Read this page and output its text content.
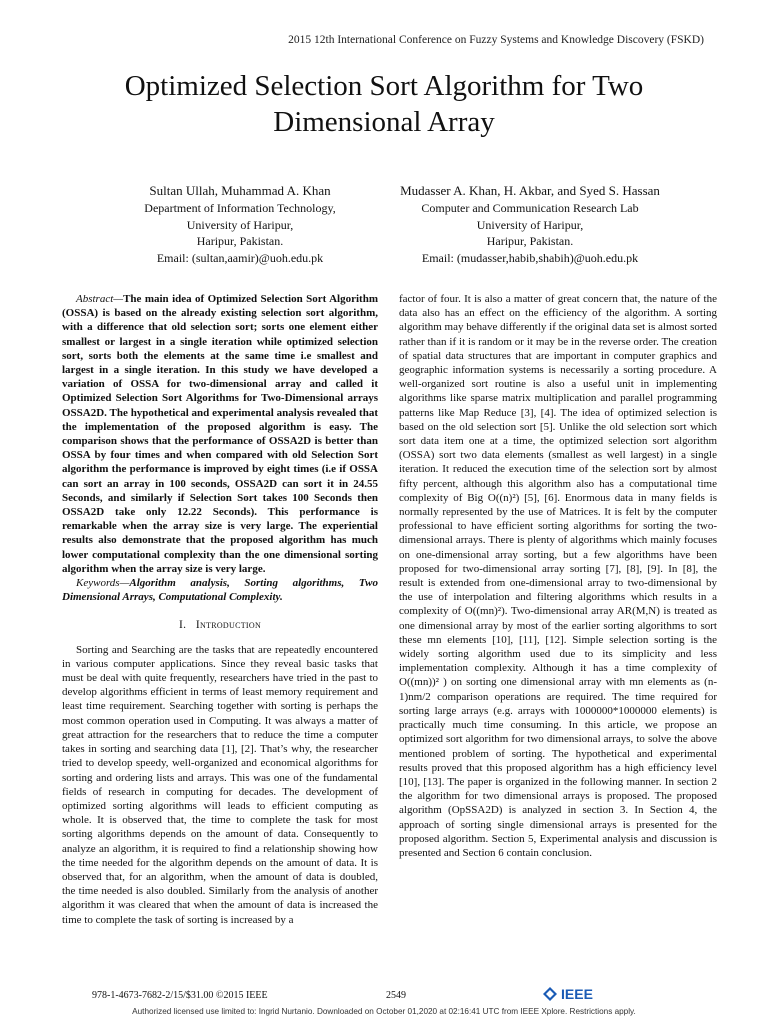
2015 12th International Conference on Fuzzy Systems and Knowledge Discovery (FSKD)
Optimized Selection Sort Algorithm for Two
Dimensional Array
Sultan Ullah, Muhammad A. Khan
Department of Information Technology,
University of Haripur,
Haripur, Pakistan.
Email: (sultan,aamir)@uoh.edu.pk
Mudasser A. Khan, H. Akbar, and Syed S. Hassan
Computer and Communication Research Lab
University of Haripur,
Haripur, Pakistan.
Email: (mudasser,habib,shabih)@uoh.edu.pk

Abstract—The main idea of Optimized Selection Sort Algorithm (OSSA) is based on the already existing selection sort algorithm, with a difference that old selection sort; sorts one element either smallest or largest in a single iteration while optimized selection sort, sorts both the elements at the same time i.e smallest and largest in a single iteration. In this study we have developed a variation of OSSA for two-dimensional array and called it Optimized Selection Sort Algorithms for Two-Dimensional arrays OSSA2D. The hypothetical and experimental analysis revealed that the implementation of the proposed algorithm is easy. The comparison shows that the performance of OSSA2D is better than OSSA by four times and when compared with old Selection Sort algorithm the performance is improved by eight times (i.e if OSSA can sort an array in 100 seconds, OSSA2D can sort it in 24.55 Seconds, and similarly if Selection Sort takes 100 Seconds then OSSA2D take only 12.22 Seconds). This performance is remarkable when the array size is very large. The experiential results also demonstrate that the proposed algorithm has much lower computational complexity than the one dimensional sorting algorithm when the array size is very large.

Keywords—Algorithm analysis, Sorting algorithms, Two Dimensional Arrays, Computational Complexity.

I. Introduction

Sorting and Searching are the tasks that are repeatedly encountered in various computer applications. Since they reveal basic tasks that must be deal with quite frequently, researchers have tried in the past to develop algorithms efficient in terms of least memory requirement and least time requirement. Searching together with sorting is perhaps the most common operation used in Computing. It was always a matter of great attraction for the researchers that to reduce the time a computer takes in sorting and searching data [1], [2]. That’s why, the researcher tried to develop speedy, well-organized and economical algorithms for sorting and ordering lists and arrays. This was one of the fundamental fields of research in computing for decades. The development of optimized sorting algorithms will leads to efficient computing as whole. It is observed that, the time to complete the task for most sorting algorithms depends on the amount of data. Consequently to analyze an algorithm, it is required to find a relationship showing how the time needed for the algorithm depends on the amount of data. It is observed that, for an algorithm, when the amount of data is doubled, the time needed is also doubled. Similarly from the analysis of another algorithm it was cleared that when the amount of data is increased the time to complete the task of sorting is increased by a

factor of four. It is also a matter of great concern that, the nature of the data also has an effect on the efficiency of the algorithm. A sorting algorithm may behave differently if the original data set is almost sorted rather than if it is random or it may be in the reverse order. The creation of spatial data structures that are important in computer graphics and geographic information systems is necessarily a sorting procedure. A well-organized sort routine is also a useful unit in implementing algorithms like sparse matrix multiplication and parallel programming patterns like Map Reduce [3], [4]. The idea of optimized selection is based on the old selection sort [5]. Unlike the old selection sort which sort data item one at a time, the optimized selection sort algorithm (OSSA) sort two data elements (smallest as well largest) in a single iteration. It reduced the execution time of the selection sort by almost fifty percent, although this algorithm also has a computational time complexity of Big O((n)²) [5], [6]. Enormous data in many fields is normally represented by the use of Matrices. It is felt by the computer professional to have efficient sorting algorithms for sorting the two-dimensional arrays. There is plenty of algorithms which mainly focuses on one-dimensional array sorting, but a few algorithms have been proposed for two-dimensional array sorting [7], [8], [9]. In [8], the result is extended from one-dimensional array to two-dimensional by the use of interpolation and filtering algorithms which results in a complexity of O((mn)²). Two-dimensional array AR(M,N) is treated as one dimensional array by most of the earlier sorting algorithms to sort these mn elements [10], [11], [12]. Simple selection sorting is the widely sorting algorithm used due to its simplicity and less implementation complexity. Although it has a time complexity of O((mn))² ) on sorting one dimensional array with mn elements as (n-1)nm/2 comparison operations are required. The time required for sorting large arrays (e.g. arrays with 1000000*1000000 elements) is practically much time consuming. In this article, we propose an optimized sort algorithm for two dimensional arrays, to solve the above mentioned problem of sorting. The hypothetical and experimental results proved that this proposed algorithm has a high efficiency level [10], [13]. The paper is organized in the following manner. In section 2 the algorithm for two dimensional arrays is proposed. The proposed algorithm (OpSSA2D) is analyzed in section 3. In Section 4, the approach of sorting single dimensional arrays is presented for the proposed algorithm. Section 5, Experimental analysis and discussion is presented and Section 6 contain conclusion.

978-1-4673-7682-2/15/$31.00 ©2015 IEEE	2549	IEEE
Authorized licensed use limited to: Ingrid Nurtanio. Downloaded on October 01,2020 at 02:16:41 UTC from IEEE Xplore. Restrictions apply.
